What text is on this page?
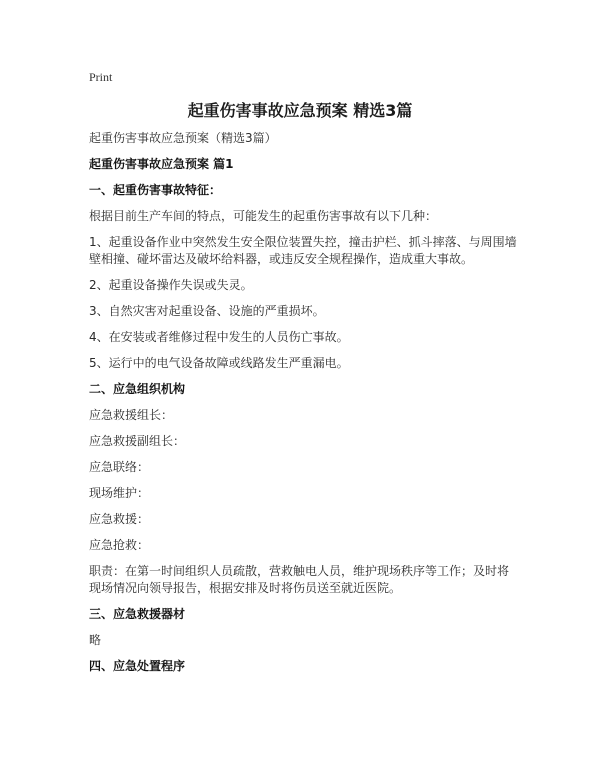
Print
起重伤害事故应急预案 精选3篇

起重伤害事故应急预案（精选3篇）

起重伤害事故应急预案 篇1

一、起重伤害事故特征：

根据目前生产车间的特点，可能发生的起重伤害事故有以下几种：

1、起重设备作业中突然发生安全限位装置失控，撞击护栏、抓斗摔落、与周围墙壁相撞、碰坏雷达及破坏给料器，或违反安全规程操作，造成重大事故。

2、起重设备操作失误或失灵。

3、自然灾害对起重设备、设施的严重损坏。

4、在安装或者维修过程中发生的人员伤亡事故。

5、运行中的电气设备故障或线路发生严重漏电。

二、应急组织机构

应急救援组长：

应急救援副组长：

应急联络：

现场维护：

应急救援：

应急抢救：

职责：在第一时间组织人员疏散，营救触电人员，维护现场秩序等工作；及时将现场情况向领导报告，根据安排及时将伤员送至就近医院。

三、应急救援器材

略

四、应急处置程序
